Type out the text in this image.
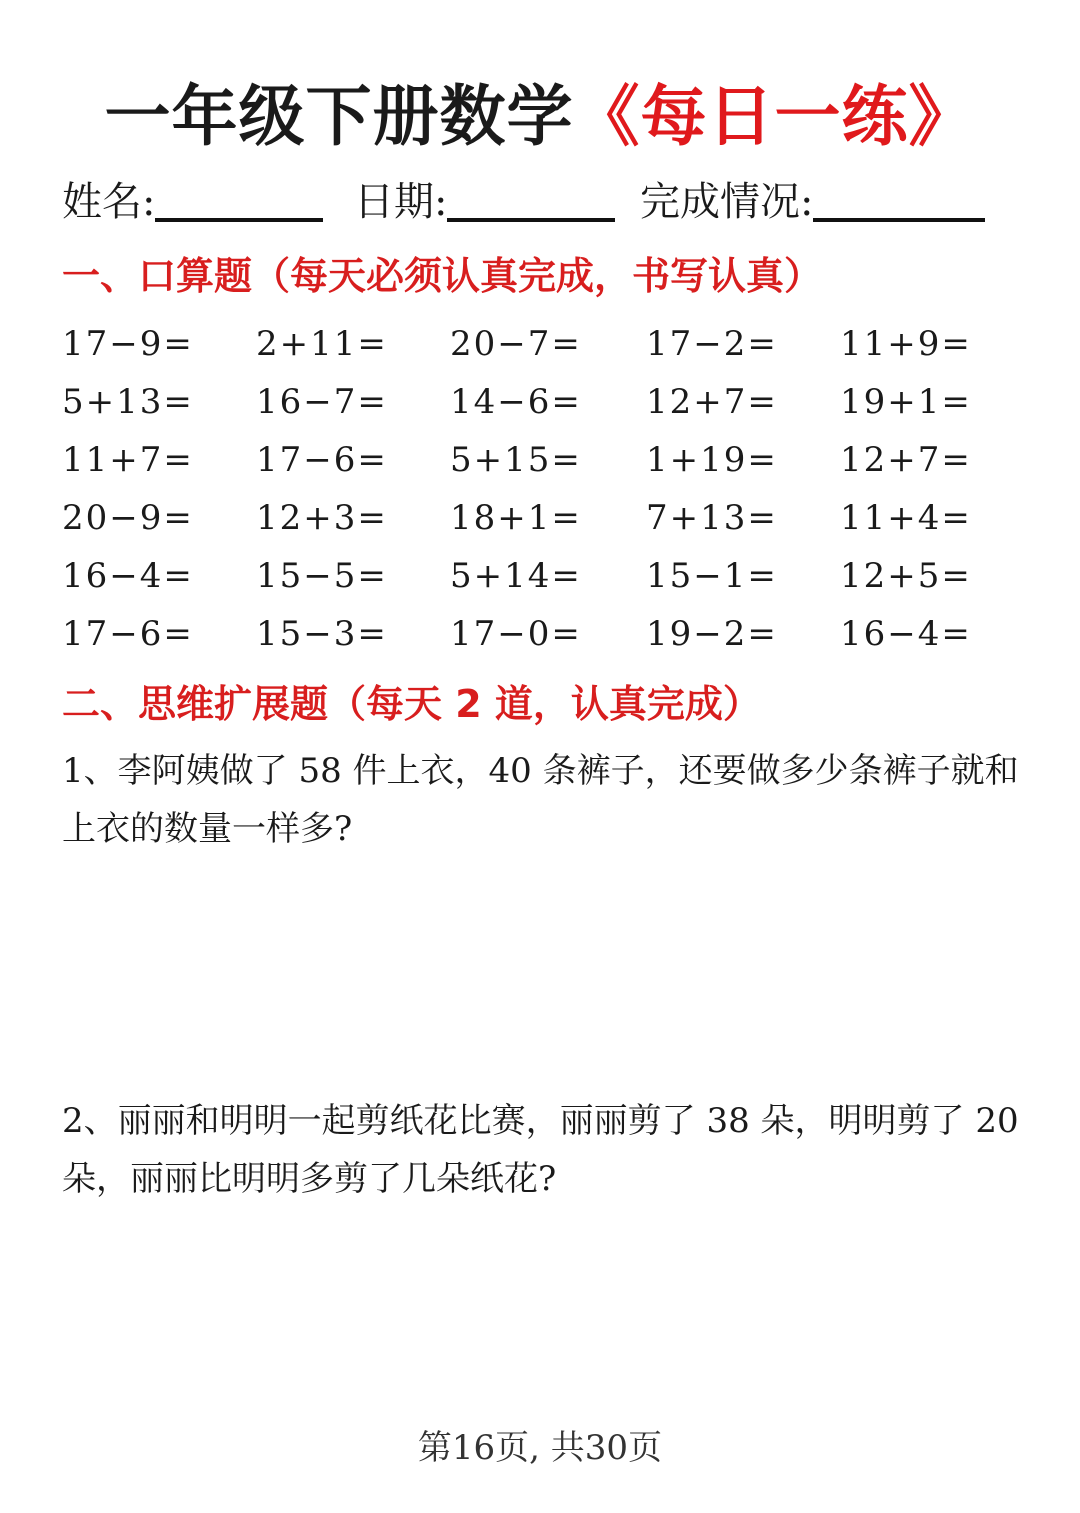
一年级下册数学《每日一练》
姓名:	日期:	完成情况:
一、口算题（每天必须认真完成，书写认真）
17−9= 2+11= 20−7= 17−2= 11+9=
5+13= 16−7= 14−6= 12+7= 19+1=
11+7= 17−6= 5+15= 1+19= 12+7=
20−9= 12+3= 18+1= 7+13= 11+4=
16−4= 15−5= 5+14= 15−1= 12+5=
17−6= 15−3= 17−0= 19−2= 16−4=
二、思维扩展题（每天 2 道，认真完成）
1、李阿姨做了 58 件上衣，40 条裤子，还要做多少条裤子就和上衣的数量一样多?
2、丽丽和明明一起剪纸花比赛，丽丽剪了 38 朵，明明剪了 20 朵，丽丽比明明多剪了几朵纸花?
第16页, 共30页
